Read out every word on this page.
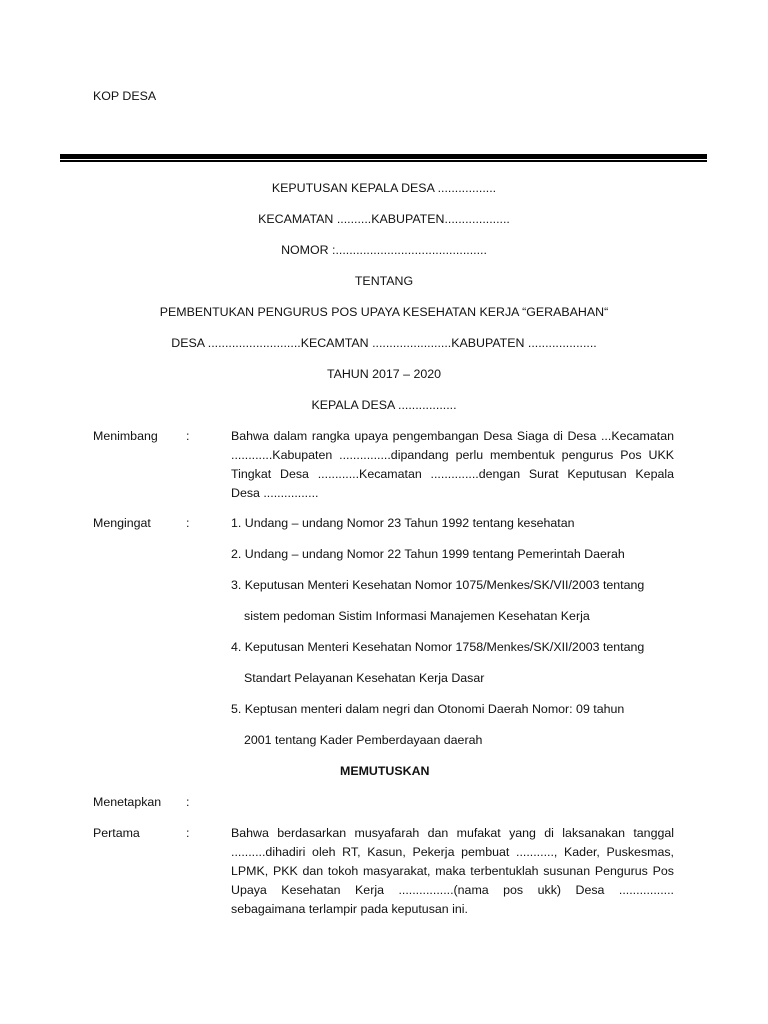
KOP DESA
KEPUTUSAN KEPALA DESA .................
KECAMATAN ..........KABUPATEN...................
NOMOR :............................................
TENTANG
PEMBENTUKAN PENGURUS POS UPAYA KESEHATAN KERJA “GERABAHAN“
DESA ...........................KECAMTAN .......................KABUPATEN ....................
TAHUN 2017 – 2020
KEPALA DESA .................
Menimbang :	Bahwa dalam rangka upaya pengembangan Desa Siaga di Desa ...Kecamatan ............Kabupaten ...............dipandang perlu membentuk pengurus Pos UKK Tingkat Desa ............Kecamatan ..............dengan Surat Keputusan Kepala Desa ................
Mengingat	:	1. Undang – undang Nomor 23 Tahun 1992 tentang kesehatan
2. Undang – undang Nomor 22 Tahun 1999 tentang Pemerintah Daerah
3. Keputusan Menteri Kesehatan Nomor 1075/Menkes/SK/VII/2003 tentang
sistem pedoman Sistim Informasi Manajemen Kesehatan Kerja
4. Keputusan Menteri Kesehatan Nomor 1758/Menkes/SK/XII/2003 tentang
Standart Pelayanan Kesehatan Kerja Dasar
5. Keptusan menteri dalam negri dan Otonomi Daerah Nomor: 09 tahun
2001 tentang Kader Pemberdayaan daerah
MEMUTUSKAN
Menetapkan :
Pertama	:	Bahwa berdasarkan musyafarah dan mufakat yang di laksanakan tanggal ..........dihadiri oleh RT, Kasun, Pekerja pembuat ..........., Kader, Puskesmas, LPMK, PKK dan tokoh masyarakat, maka terbentuklah susunan Pengurus Pos Upaya Kesehatan Kerja ................(nama pos ukk) Desa ................ sebagaimana terlampir pada keputusan ini.
